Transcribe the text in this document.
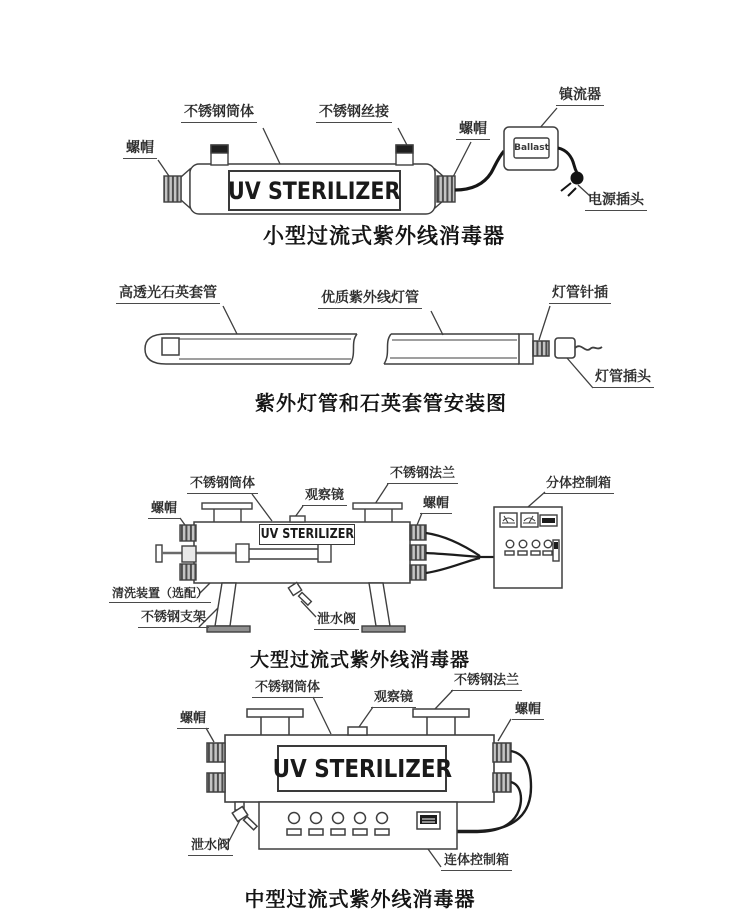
螺帽
不锈钢筒体	不锈钢丝接
镇流器
螺帽
电源插头
UV STERILIZER
Ballast
小型过流式紫外线消毒器
高透光石英套管	优质紫外线灯管	灯管针插
灯管插头
紫外灯管和石英套管安装图
不锈钢筒体
观察镜
不锈钢法兰
螺帽	螺帽
分体控制箱
清洗装置（选配）
不锈钢支架	泄水阀
UV STERILIZER
大型过流式紫外线消毒器
不锈钢筒体
观察镜
不锈钢法兰
螺帽
螺帽
泄水阀
连体控制箱
UV STERILIZER
中型过流式紫外线消毒器
